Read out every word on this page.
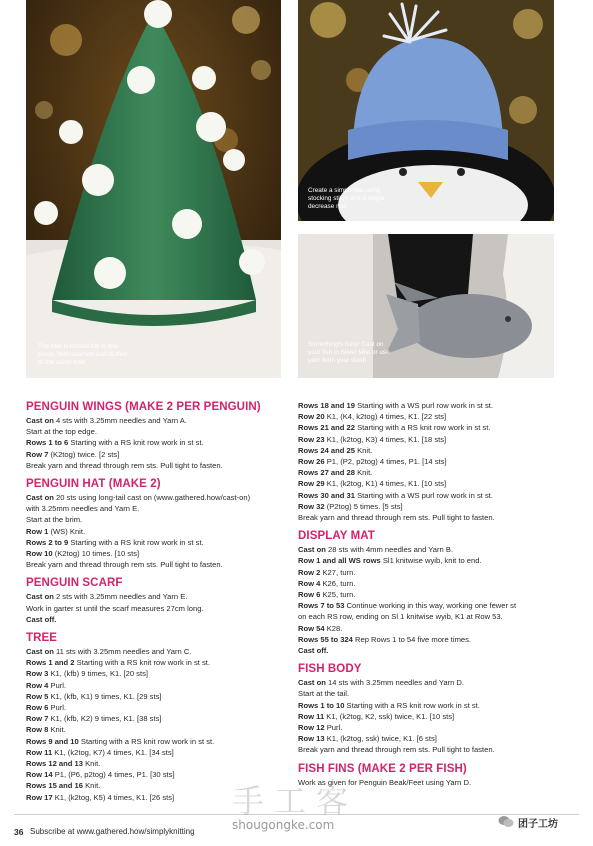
The tree is knitted flat in one piece, then seamed and stuffed at the same time
Create a simple hat using stocking stitch and a single decrease row
Something's fishy! Cast on your fish in Silver Mist or use yarn from your stash
PENGUIN WINGS (MAKE 2 PER PENGUIN)
Cast on 4 sts with 3.25mm needles and Yarn A.
Start at the top edge.
Rows 1 to 6 Starting with a RS knit row work in st st.
Row 7 (K2tog) twice. [2 sts]
Break yarn and thread through rem sts. Pull tight to fasten.
PENGUIN HAT (MAKE 2)
Cast on 20 sts using long-tail cast on (www.gathered.how/cast-on)
with 3.25mm needles and Yarn E.
Start at the brim.
Row 1 (WS) Knit.
Rows 2 to 9 Starting with a RS knit row work in st st.
Row 10 (K2tog) 10 times. [10 sts]
Break yarn and thread through rem sts. Pull tight to fasten.
PENGUIN SCARF
Cast on 2 sts with 3.25mm needles and Yarn E.
Work in garter st until the scarf measures 27cm long.
Cast off.
TREE
Cast on 11 sts with 3.25mm needles and Yarn C.
Rows 1 and 2 Starting with a RS knit row work in st st.
Row 3 K1, (kfb) 9 times, K1. [20 sts]
Row 4 Purl.
Row 5 K1, (kfb, K1) 9 times, K1. [29 sts]
Row 6 Purl.
Row 7 K1, (kfb, K2) 9 times, K1. [38 sts]
Row 8 Knit.
Rows 9 and 10 Starting with a RS knit row work in st st.
Row 11 K1, (k2tog, K7) 4 times, K1. [34 sts]
Rows 12 and 13 Knit.
Row 14 P1, (P6, p2tog) 4 times, P1. [30 sts]
Rows 15 and 16 Knit.
Row 17 K1, (k2tog, K5) 4 times, K1. [26 sts]
Rows 18 and 19 Starting with a WS purl row work in st st.
Row 20 K1, (K4, k2tog) 4 times, K1. [22 sts]
Rows 21 and 22 Starting with a RS knit row work in st st.
Row 23 K1, (k2tog, K3) 4 times, K1. [18 sts]
Rows 24 and 25 Knit.
Row 26 P1, (P2, p2tog) 4 times, P1. [14 sts]
Rows 27 and 28 Knit.
Row 29 K1, (k2tog, K1) 4 times, K1. [10 sts]
Rows 30 and 31 Starting with a WS purl row work in st st.
Row 32 (P2tog) 5 times. [5 sts]
Break yarn and thread through rem sts. Pull tight to fasten.
DISPLAY MAT
Cast on 28 sts with 4mm needles and Yarn B.
Row 1 and all WS rows Sl1 knitwise wyib, knit to end.
Row 2 K27, turn.
Row 4 K26, turn.
Row 6 K25, turn.
Rows 7 to 53 Continue working in this way, working one fewer st
on each RS row, ending on Sl 1 knitwise wyib, K1 at Row 53.
Row 54 K28.
Rows 55 to 324 Rep Rows 1 to 54 five more times.
Cast off.
FISH BODY
Cast on 14 sts with 3.25mm needles and Yarn D.
Start at the tail.
Rows 1 to 10 Starting with a RS knit row work in st st.
Row 11 K1, (k2tog, K2, ssk) twice, K1. [10 sts]
Row 12 Purl.
Row 13 K1, (k2tog, ssk) twice, K1. [6 sts]
Break yarn and thread through rem sts. Pull tight to fasten.
FISH FINS (MAKE 2 PER FISH)
Work as given for Penguin Beak/Feet using Yarn D.
36 Subscribe at www.gathered.how/simplyknitting
手工客
shougongke.com	团子工坊
